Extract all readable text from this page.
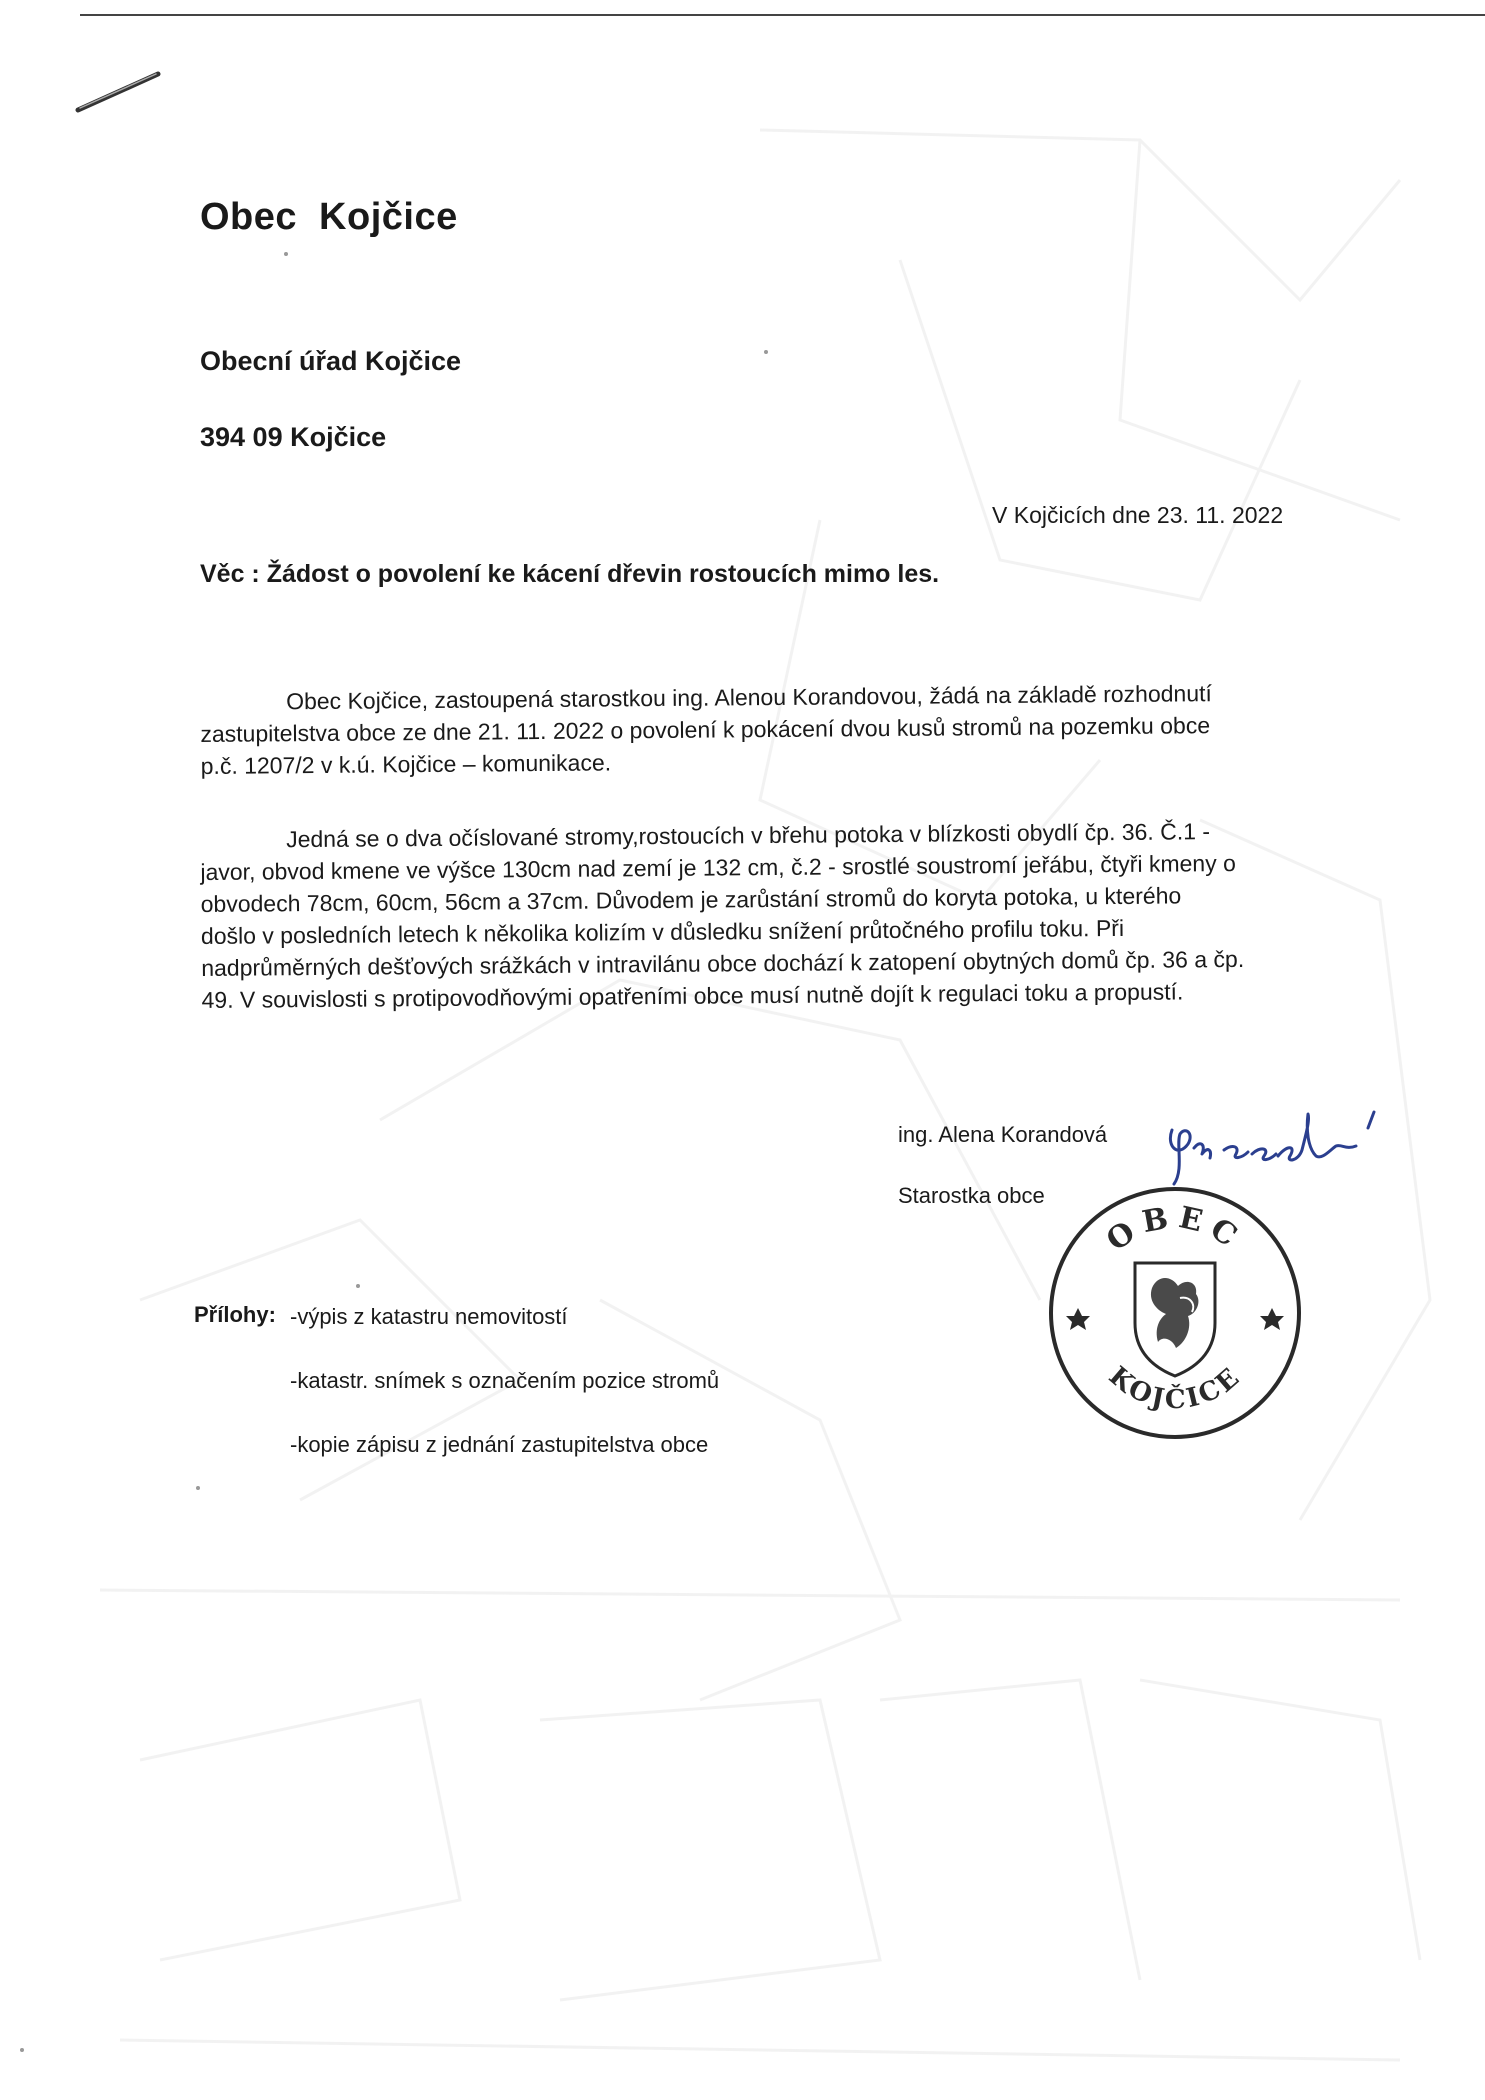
Obec Kojčice
Obecní úřad Kojčice
394 09 Kojčice
V Kojčicích dne 23. 11. 2022
Věc : Žádost o povolení ke kácení dřevin rostoucích mimo les.
Obec Kojčice, zastoupená starostkou ing. Alenou Korandovou, žádá na základě rozhodnutí
zastupitelstva obce ze dne 21. 11. 2022 o povolení k pokácení dvou kusů stromů na pozemku obce
p.č. 1207/2 v k.ú. Kojčice – komunikace.
Jedná se o dva očíslované stromy,rostoucích v břehu potoka v blízkosti obydlí čp. 36. Č.1 -
javor, obvod kmene ve výšce 130cm nad zemí je 132 cm, č.2 - srostlé soustromí jeřábu, čtyři kmeny o
obvodech 78cm, 60cm, 56cm a 37cm. Důvodem je zarůstání stromů do koryta potoka, u kterého
došlo v posledních letech k několika kolizím v důsledku snížení průtočného profilu toku. Při
nadprůměrných dešťových srážkách v intravilánu obce dochází k zatopení obytných domů čp. 36 a čp.
49. V souvislosti s protipovodňovými opatřeními obce musí nutně dojít k regulaci toku a propustí.
ing. Alena Korandová
Starostka obce
OBEC
KOJČICE
Přílohy: -výpis z katastru nemovitostí
-katastr. snímek s označením pozice stromů
-kopie zápisu z jednání zastupitelstva obce
